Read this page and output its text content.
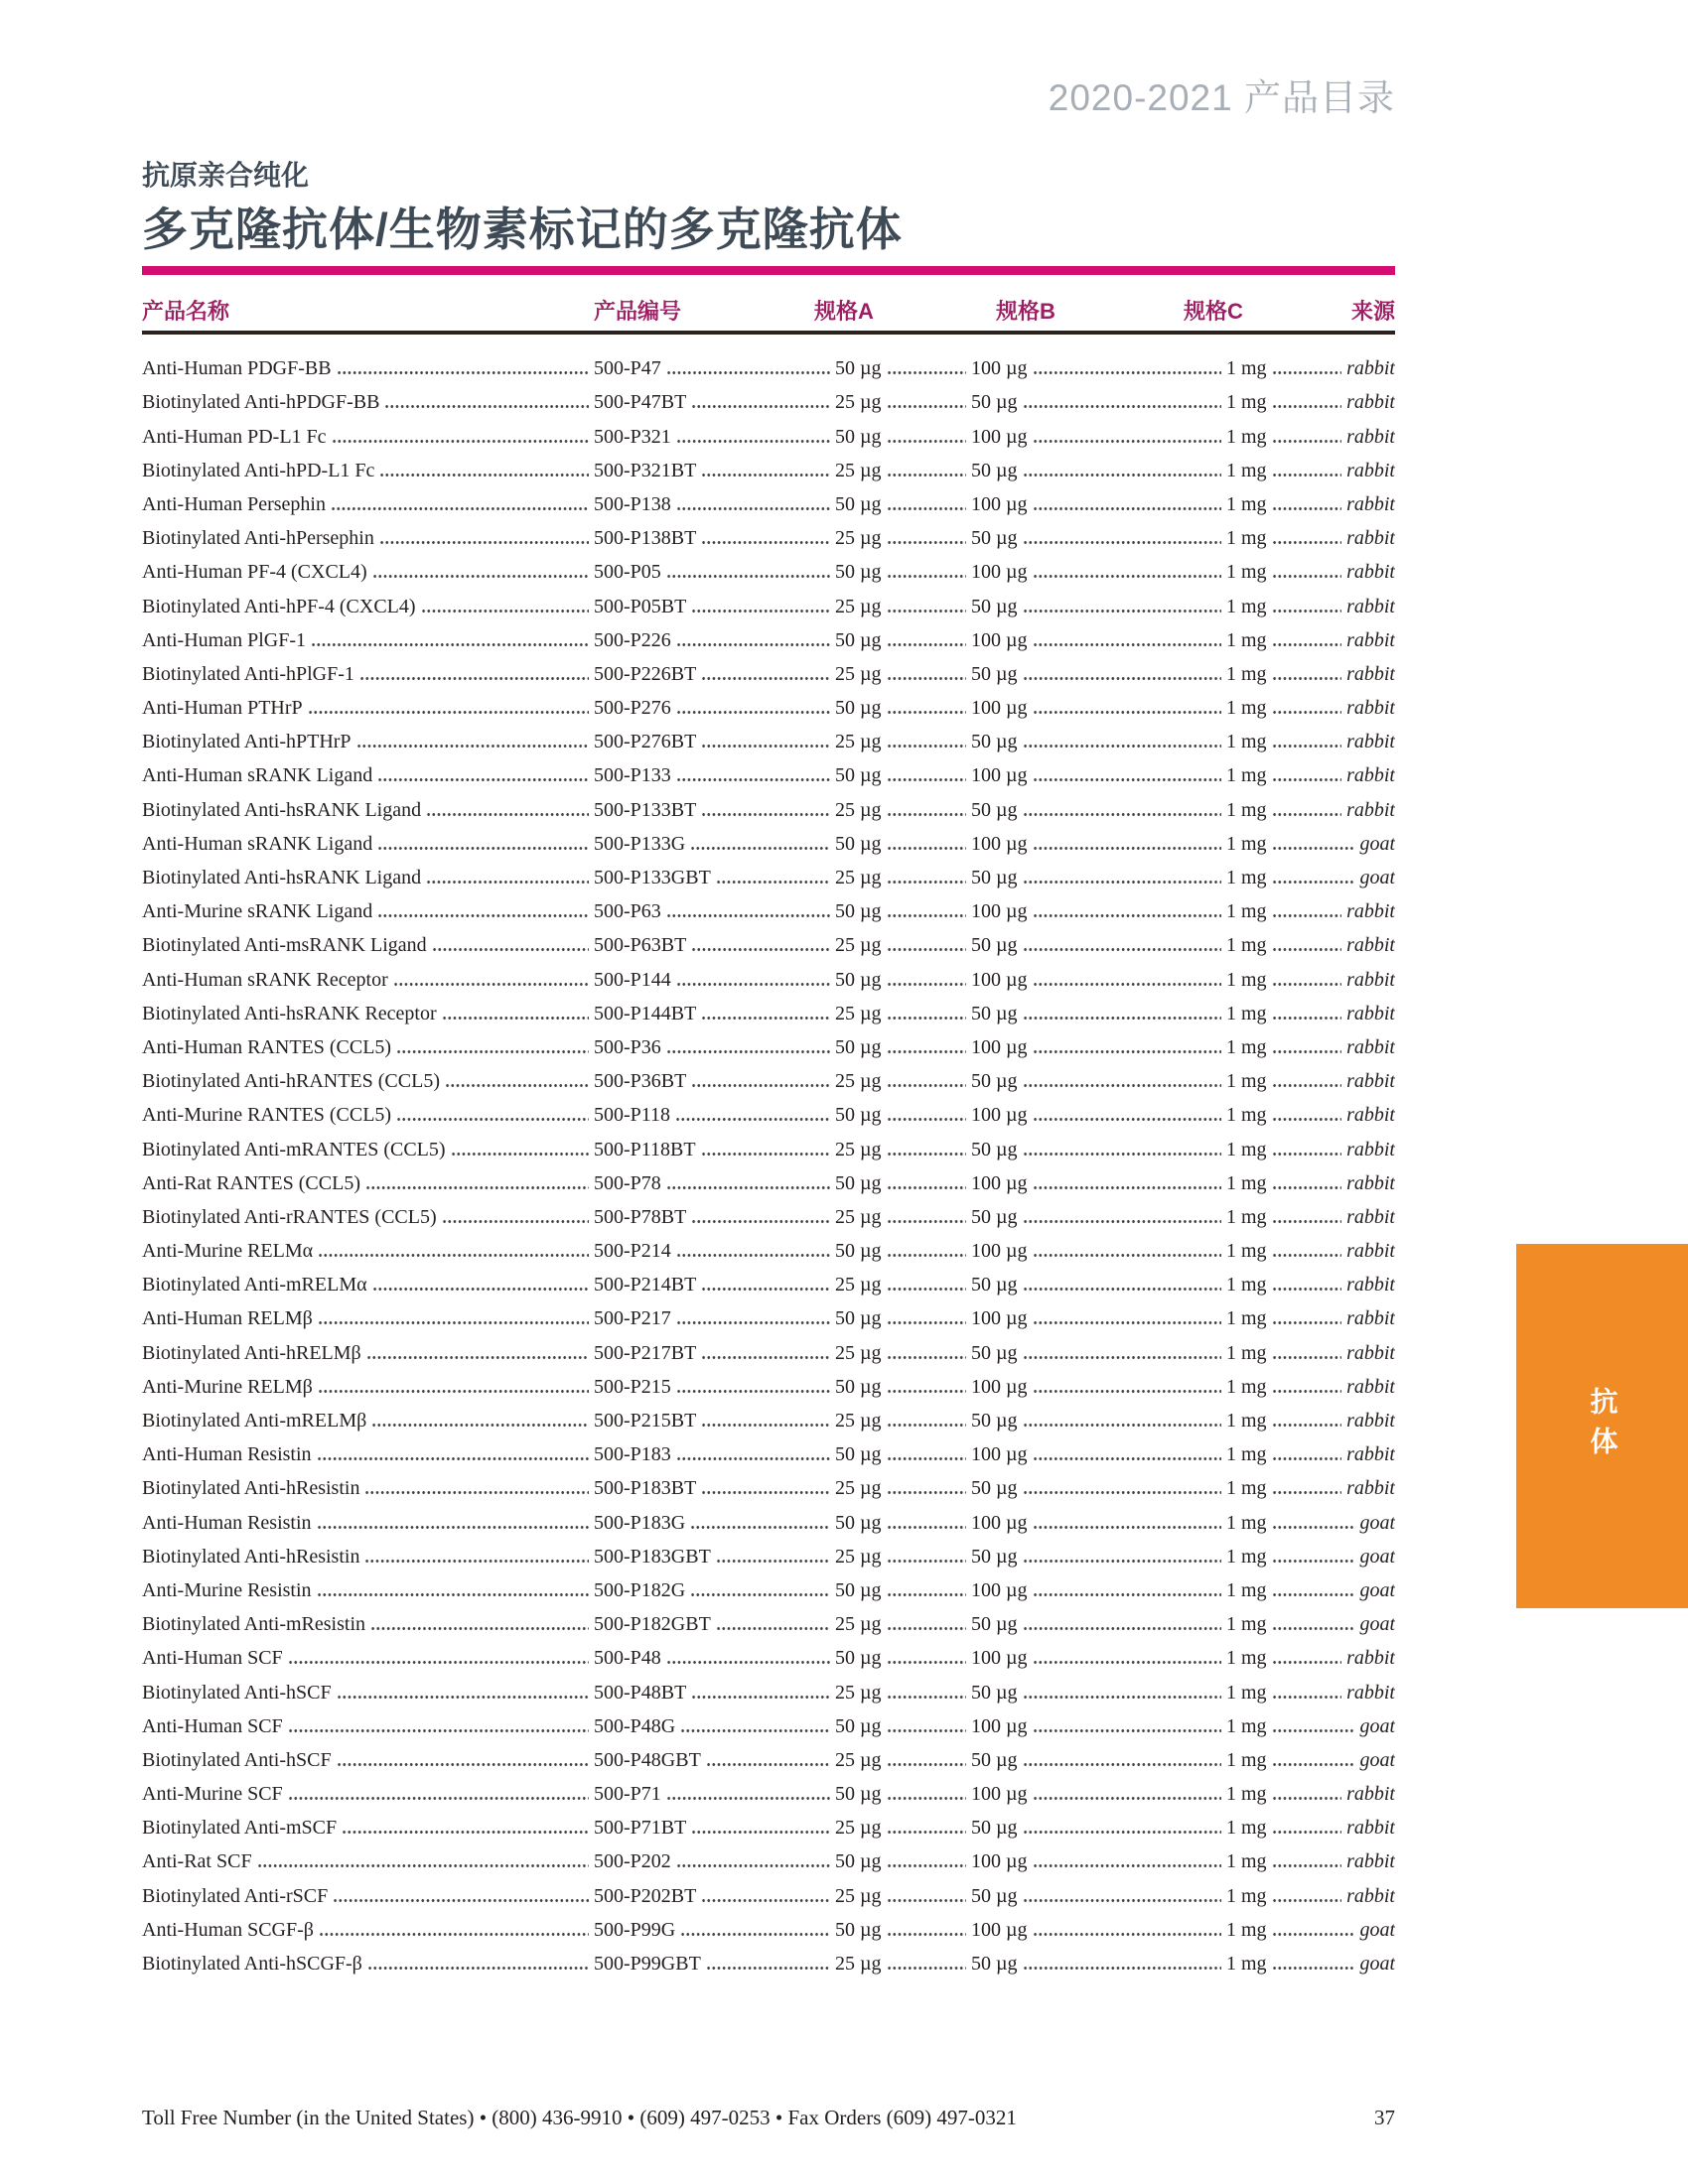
2020-2021 产品目录
抗原亲合纯化
多克隆抗体/生物素标记的多克隆抗体
产品名称	产品编号	规格A	规格B	规格C	来源
Anti-Human PDGF-BB	500-P47	50 µg	100 µg	1 mg	rabbit
Biotinylated Anti-hPDGF-BB	500-P47BT	25 µg	50 µg	1 mg	rabbit
Anti-Human PD-L1 Fc	500-P321	50 µg	100 µg	1 mg	rabbit
Biotinylated Anti-hPD-L1 Fc	500-P321BT	25 µg	50 µg	1 mg	rabbit
Anti-Human Persephin	500-P138	50 µg	100 µg	1 mg	rabbit
Biotinylated Anti-hPersephin	500-P138BT	25 µg	50 µg	1 mg	rabbit
Anti-Human PF-4 (CXCL4)	500-P05	50 µg	100 µg	1 mg	rabbit
Biotinylated Anti-hPF-4 (CXCL4)	500-P05BT	25 µg	50 µg	1 mg	rabbit
Anti-Human PlGF-1	500-P226	50 µg	100 µg	1 mg	rabbit
Biotinylated Anti-hPlGF-1	500-P226BT	25 µg	50 µg	1 mg	rabbit
Anti-Human PTHrP	500-P276	50 µg	100 µg	1 mg	rabbit
Biotinylated Anti-hPTHrP	500-P276BT	25 µg	50 µg	1 mg	rabbit
Anti-Human sRANK Ligand	500-P133	50 µg	100 µg	1 mg	rabbit
Biotinylated Anti-hsRANK Ligand	500-P133BT	25 µg	50 µg	1 mg	rabbit
Anti-Human sRANK Ligand	500-P133G	50 µg	100 µg	1 mg	goat
Biotinylated Anti-hsRANK Ligand	500-P133GBT	25 µg	50 µg	1 mg	goat
Anti-Murine sRANK Ligand	500-P63	50 µg	100 µg	1 mg	rabbit
Biotinylated Anti-msRANK Ligand	500-P63BT	25 µg	50 µg	1 mg	rabbit
Anti-Human sRANK Receptor	500-P144	50 µg	100 µg	1 mg	rabbit
Biotinylated Anti-hsRANK Receptor	500-P144BT	25 µg	50 µg	1 mg	rabbit
Anti-Human RANTES (CCL5)	500-P36	50 µg	100 µg	1 mg	rabbit
Biotinylated Anti-hRANTES (CCL5)	500-P36BT	25 µg	50 µg	1 mg	rabbit
Anti-Murine RANTES (CCL5)	500-P118	50 µg	100 µg	1 mg	rabbit
Biotinylated Anti-mRANTES (CCL5)	500-P118BT	25 µg	50 µg	1 mg	rabbit
Anti-Rat RANTES (CCL5)	500-P78	50 µg	100 µg	1 mg	rabbit
Biotinylated Anti-rRANTES (CCL5)	500-P78BT	25 µg	50 µg	1 mg	rabbit
Anti-Murine RELMα	500-P214	50 µg	100 µg	1 mg	rabbit
Biotinylated Anti-mRELMα	500-P214BT	25 µg	50 µg	1 mg	rabbit
Anti-Human RELMβ	500-P217	50 µg	100 µg	1 mg	rabbit
Biotinylated Anti-hRELMβ	500-P217BT	25 µg	50 µg	1 mg	rabbit
Anti-Murine RELMβ	500-P215	50 µg	100 µg	1 mg	rabbit
Biotinylated Anti-mRELMβ	500-P215BT	25 µg	50 µg	1 mg	rabbit
Anti-Human Resistin	500-P183	50 µg	100 µg	1 mg	rabbit
Biotinylated Anti-hResistin	500-P183BT	25 µg	50 µg	1 mg	rabbit
Anti-Human Resistin	500-P183G	50 µg	100 µg	1 mg	goat
Biotinylated Anti-hResistin	500-P183GBT	25 µg	50 µg	1 mg	goat
Anti-Murine Resistin	500-P182G	50 µg	100 µg	1 mg	goat
Biotinylated Anti-mResistin	500-P182GBT	25 µg	50 µg	1 mg	goat
Anti-Human SCF	500-P48	50 µg	100 µg	1 mg	rabbit
Biotinylated Anti-hSCF	500-P48BT	25 µg	50 µg	1 mg	rabbit
Anti-Human SCF	500-P48G	50 µg	100 µg	1 mg	goat
Biotinylated Anti-hSCF	500-P48GBT	25 µg	50 µg	1 mg	goat
Anti-Murine SCF	500-P71	50 µg	100 µg	1 mg	rabbit
Biotinylated Anti-mSCF	500-P71BT	25 µg	50 µg	1 mg	rabbit
Anti-Rat SCF	500-P202	50 µg	100 µg	1 mg	rabbit
Biotinylated Anti-rSCF	500-P202BT	25 µg	50 µg	1 mg	rabbit
Anti-Human SCGF-β	500-P99G	50 µg	100 µg	1 mg	goat
Biotinylated Anti-hSCGF-β	500-P99GBT	25 µg	50 µg	1 mg	goat
抗体
Toll Free Number (in the United States) • (800) 436-9910 • (609) 497-0253 • Fax Orders (609) 497-0321	37
